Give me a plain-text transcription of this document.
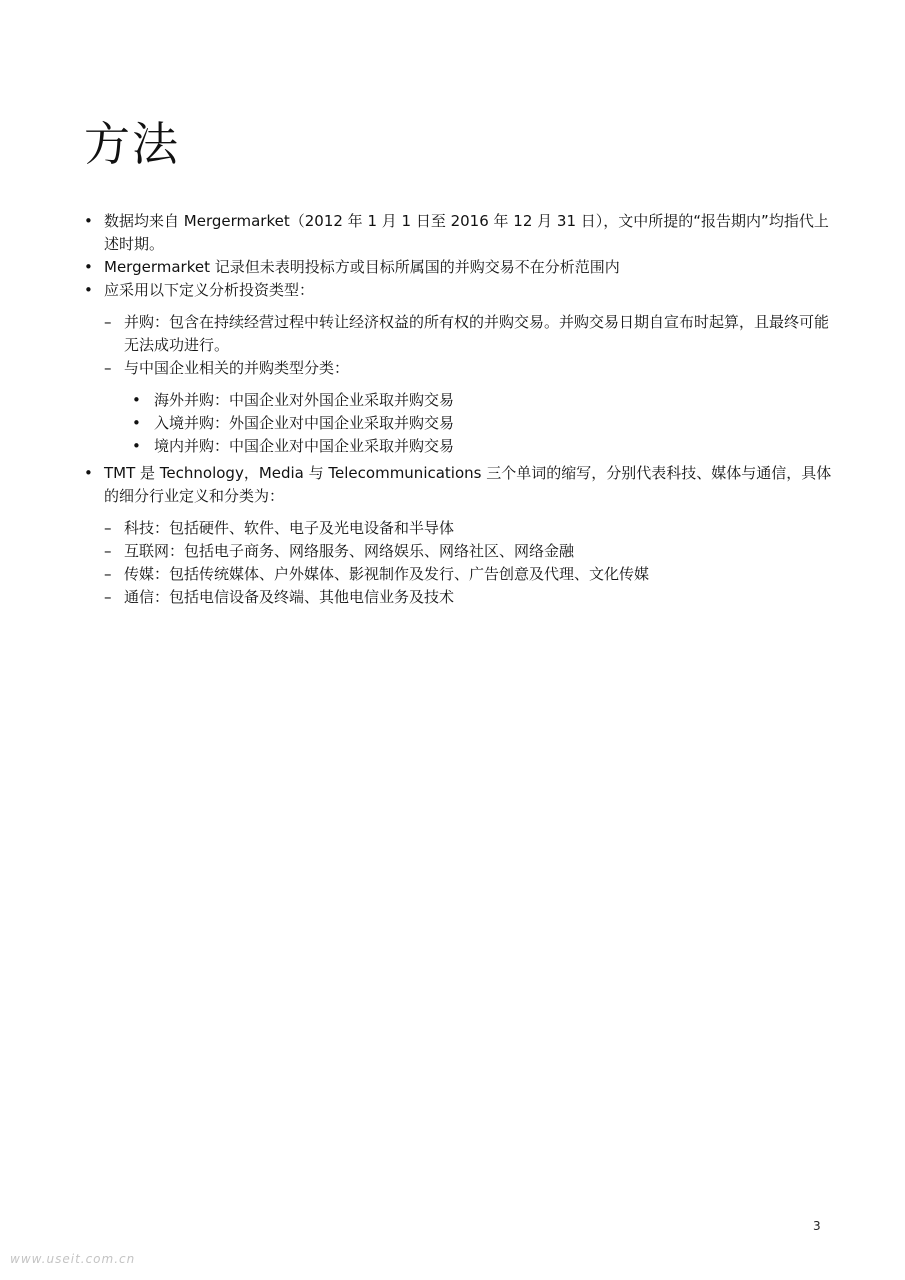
方法
• 数据均来自 Mergermarket（2012 年 1 月 1 日至 2016 年 12 月 31 日），文中所提的“报告期内”均指代上述时期。
• Mergermarket 记录但未表明投标方或目标所属国的并购交易不在分析范围内
• 应采用以下定义分析投资类型：
– 并购：包含在持续经营过程中转让经济权益的所有权的并购交易。并购交易日期自宣布时起算，且最终可能无法成功进行。
– 与中国企业相关的并购类型分类：
• 海外并购：中国企业对外国企业采取并购交易
• 入境并购：外国企业对中国企业采取并购交易
• 境内并购：中国企业对中国企业采取并购交易
• TMT 是 Technology，Media 与 Telecommunications 三个单词的缩写，分别代表科技、媒体与通信，具体的细分行业定义和分类为：
– 科技：包括硬件、软件、电子及光电设备和半导体
– 互联网：包括电子商务、网络服务、网络娱乐、网络社区、网络金融
– 传媒：包括传统媒体、户外媒体、影视制作及发行、广告创意及代理、文化传媒
– 通信：包括电信设备及终端、其他电信业务及技术
3
www.useit.com.cn
